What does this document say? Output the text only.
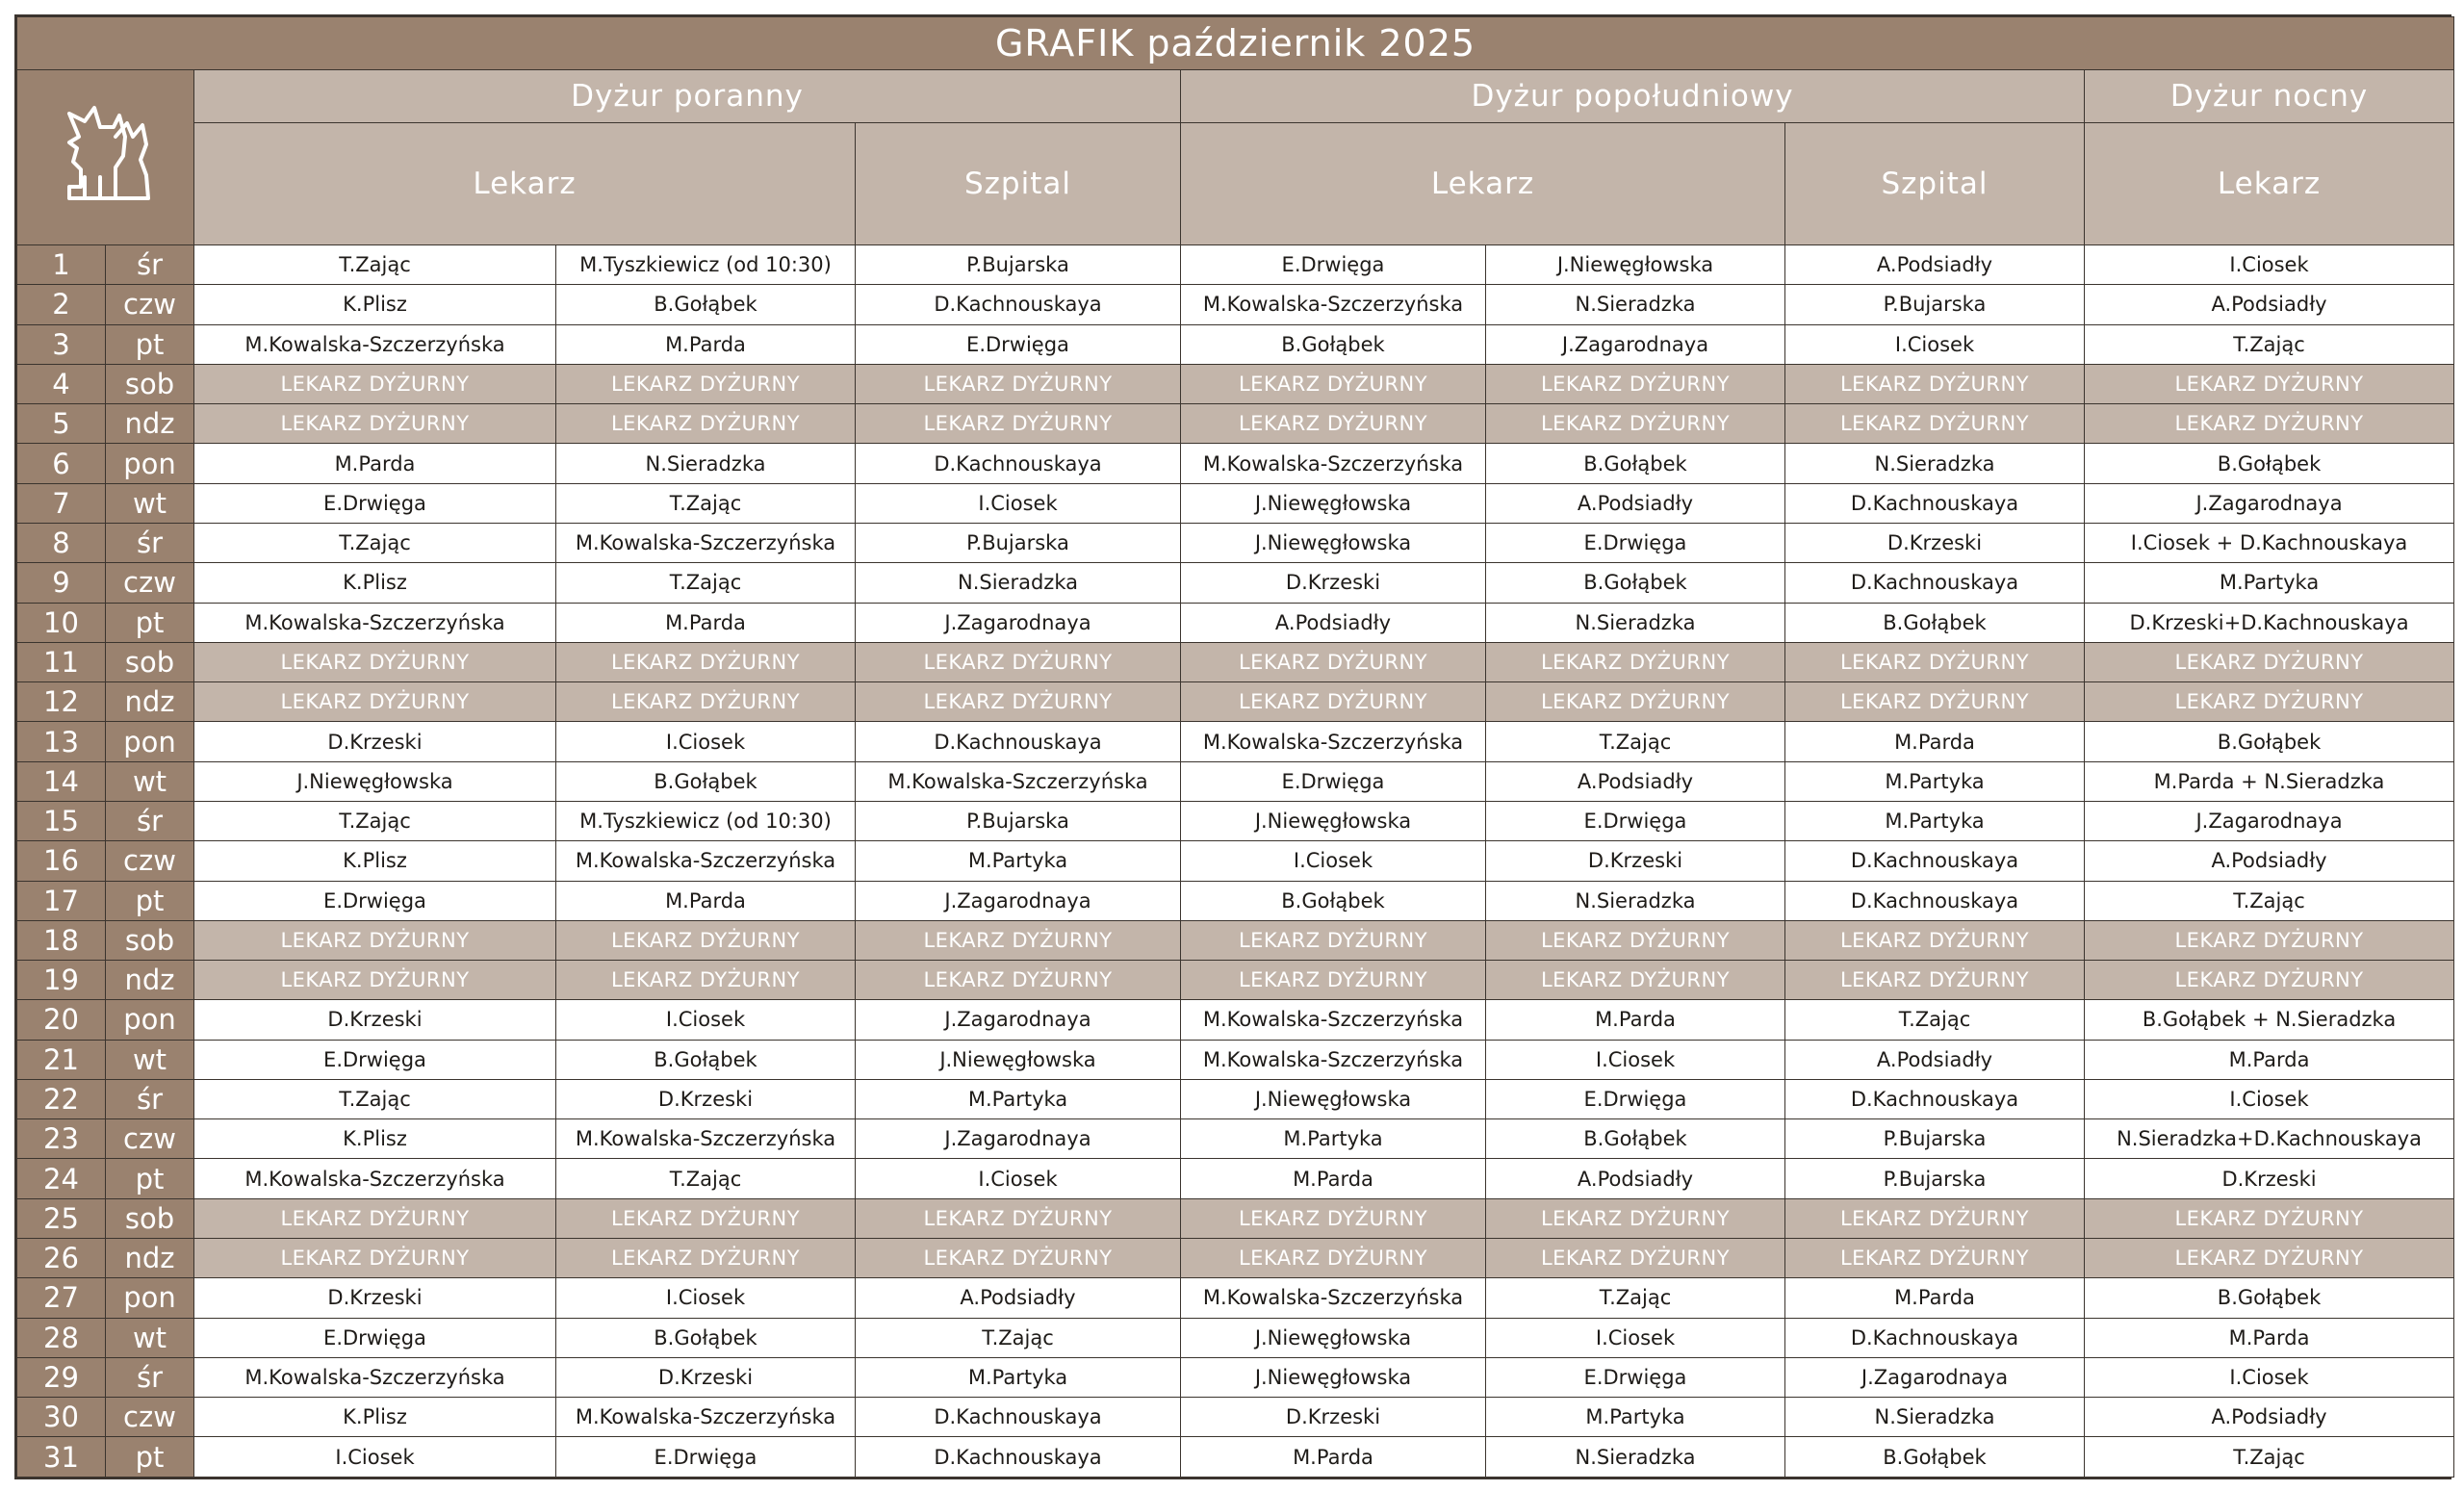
GRAFIK październik 2025								
	Dyżur poranny			Dyżur popołudniowy			Dyżur nocny
		Lekarz		Szpital	Lekarz		Szpital	Lekarz
1	śr	T.Zając	M.Tyszkiewicz (od 10:30)	P.Bujarska	E.Drwięga	J.Niewęgłowska	A.Podsiadły	I.Ciosek
2	czw	K.Plisz	B.Gołąbek	D.Kachnouskaya	M.Kowalska-Szczerzyńska	N.Sieradzka	P.Bujarska	A.Podsiadły
3	pt	M.Kowalska-Szczerzyńska	M.Parda	E.Drwięga	B.Gołąbek	J.Zagarodnaya	I.Ciosek	T.Zając
4	sob	LEKARZ DYŻURNY	LEKARZ DYŻURNY	LEKARZ DYŻURNY	LEKARZ DYŻURNY	LEKARZ DYŻURNY	LEKARZ DYŻURNY	LEKARZ DYŻURNY
5	ndz	LEKARZ DYŻURNY	LEKARZ DYŻURNY	LEKARZ DYŻURNY	LEKARZ DYŻURNY	LEKARZ DYŻURNY	LEKARZ DYŻURNY	LEKARZ DYŻURNY
6	pon	M.Parda	N.Sieradzka	D.Kachnouskaya	M.Kowalska-Szczerzyńska	B.Gołąbek	N.Sieradzka	B.Gołąbek
7	wt	E.Drwięga	T.Zając	I.Ciosek	J.Niewęgłowska	A.Podsiadły	D.Kachnouskaya	J.Zagarodnaya
8	śr	T.Zając	M.Kowalska-Szczerzyńska	P.Bujarska	J.Niewęgłowska	E.Drwięga	D.Krzeski	I.Ciosek + D.Kachnouskaya
9	czw	K.Plisz	T.Zając	N.Sieradzka	D.Krzeski	B.Gołąbek	D.Kachnouskaya	M.Partyka
10	pt	M.Kowalska-Szczerzyńska	M.Parda	J.Zagarodnaya	A.Podsiadły	N.Sieradzka	B.Gołąbek	D.Krzeski+D.Kachnouskaya
11	sob	LEKARZ DYŻURNY	LEKARZ DYŻURNY	LEKARZ DYŻURNY	LEKARZ DYŻURNY	LEKARZ DYŻURNY	LEKARZ DYŻURNY	LEKARZ DYŻURNY
12	ndz	LEKARZ DYŻURNY	LEKARZ DYŻURNY	LEKARZ DYŻURNY	LEKARZ DYŻURNY	LEKARZ DYŻURNY	LEKARZ DYŻURNY	LEKARZ DYŻURNY
13	pon	D.Krzeski	I.Ciosek	D.Kachnouskaya	M.Kowalska-Szczerzyńska	T.Zając	M.Parda	B.Gołąbek
14	wt	J.Niewęgłowska	B.Gołąbek	M.Kowalska-Szczerzyńska	E.Drwięga	A.Podsiadły	M.Partyka	M.Parda + N.Sieradzka
15	śr	T.Zając	M.Tyszkiewicz (od 10:30)	P.Bujarska	J.Niewęgłowska	E.Drwięga	M.Partyka	J.Zagarodnaya
16	czw	K.Plisz	M.Kowalska-Szczerzyńska	M.Partyka	I.Ciosek	D.Krzeski	D.Kachnouskaya	A.Podsiadły
17	pt	E.Drwięga	M.Parda	J.Zagarodnaya	B.Gołąbek	N.Sieradzka	D.Kachnouskaya	T.Zając
18	sob	LEKARZ DYŻURNY	LEKARZ DYŻURNY	LEKARZ DYŻURNY	LEKARZ DYŻURNY	LEKARZ DYŻURNY	LEKARZ DYŻURNY	LEKARZ DYŻURNY
19	ndz	LEKARZ DYŻURNY	LEKARZ DYŻURNY	LEKARZ DYŻURNY	LEKARZ DYŻURNY	LEKARZ DYŻURNY	LEKARZ DYŻURNY	LEKARZ DYŻURNY
20	pon	D.Krzeski	I.Ciosek	J.Zagarodnaya	M.Kowalska-Szczerzyńska	M.Parda	T.Zając	B.Gołąbek + N.Sieradzka
21	wt	E.Drwięga	B.Gołąbek	J.Niewęgłowska	M.Kowalska-Szczerzyńska	I.Ciosek	A.Podsiadły	M.Parda
22	śr	T.Zając	D.Krzeski	M.Partyka	J.Niewęgłowska	E.Drwięga	D.Kachnouskaya	I.Ciosek
23	czw	K.Plisz	M.Kowalska-Szczerzyńska	J.Zagarodnaya	M.Partyka	B.Gołąbek	P.Bujarska	N.Sieradzka+D.Kachnouskaya
24	pt	M.Kowalska-Szczerzyńska	T.Zając	I.Ciosek	M.Parda	A.Podsiadły	P.Bujarska	D.Krzeski
25	sob	LEKARZ DYŻURNY	LEKARZ DYŻURNY	LEKARZ DYŻURNY	LEKARZ DYŻURNY	LEKARZ DYŻURNY	LEKARZ DYŻURNY	LEKARZ DYŻURNY
26	ndz	LEKARZ DYŻURNY	LEKARZ DYŻURNY	LEKARZ DYŻURNY	LEKARZ DYŻURNY	LEKARZ DYŻURNY	LEKARZ DYŻURNY	LEKARZ DYŻURNY
27	pon	D.Krzeski	I.Ciosek	A.Podsiadły	M.Kowalska-Szczerzyńska	T.Zając	M.Parda	B.Gołąbek
28	wt	E.Drwięga	B.Gołąbek	T.Zając	J.Niewęgłowska	I.Ciosek	D.Kachnouskaya	M.Parda
29	śr	M.Kowalska-Szczerzyńska	D.Krzeski	M.Partyka	J.Niewęgłowska	E.Drwięga	J.Zagarodnaya	I.Ciosek
30	czw	K.Plisz	M.Kowalska-Szczerzyńska	D.Kachnouskaya	D.Krzeski	M.Partyka	N.Sieradzka	A.Podsiadły
31	pt	I.Ciosek	E.Drwięga	D.Kachnouskaya	M.Parda	N.Sieradzka	B.Gołąbek	T.Zając
